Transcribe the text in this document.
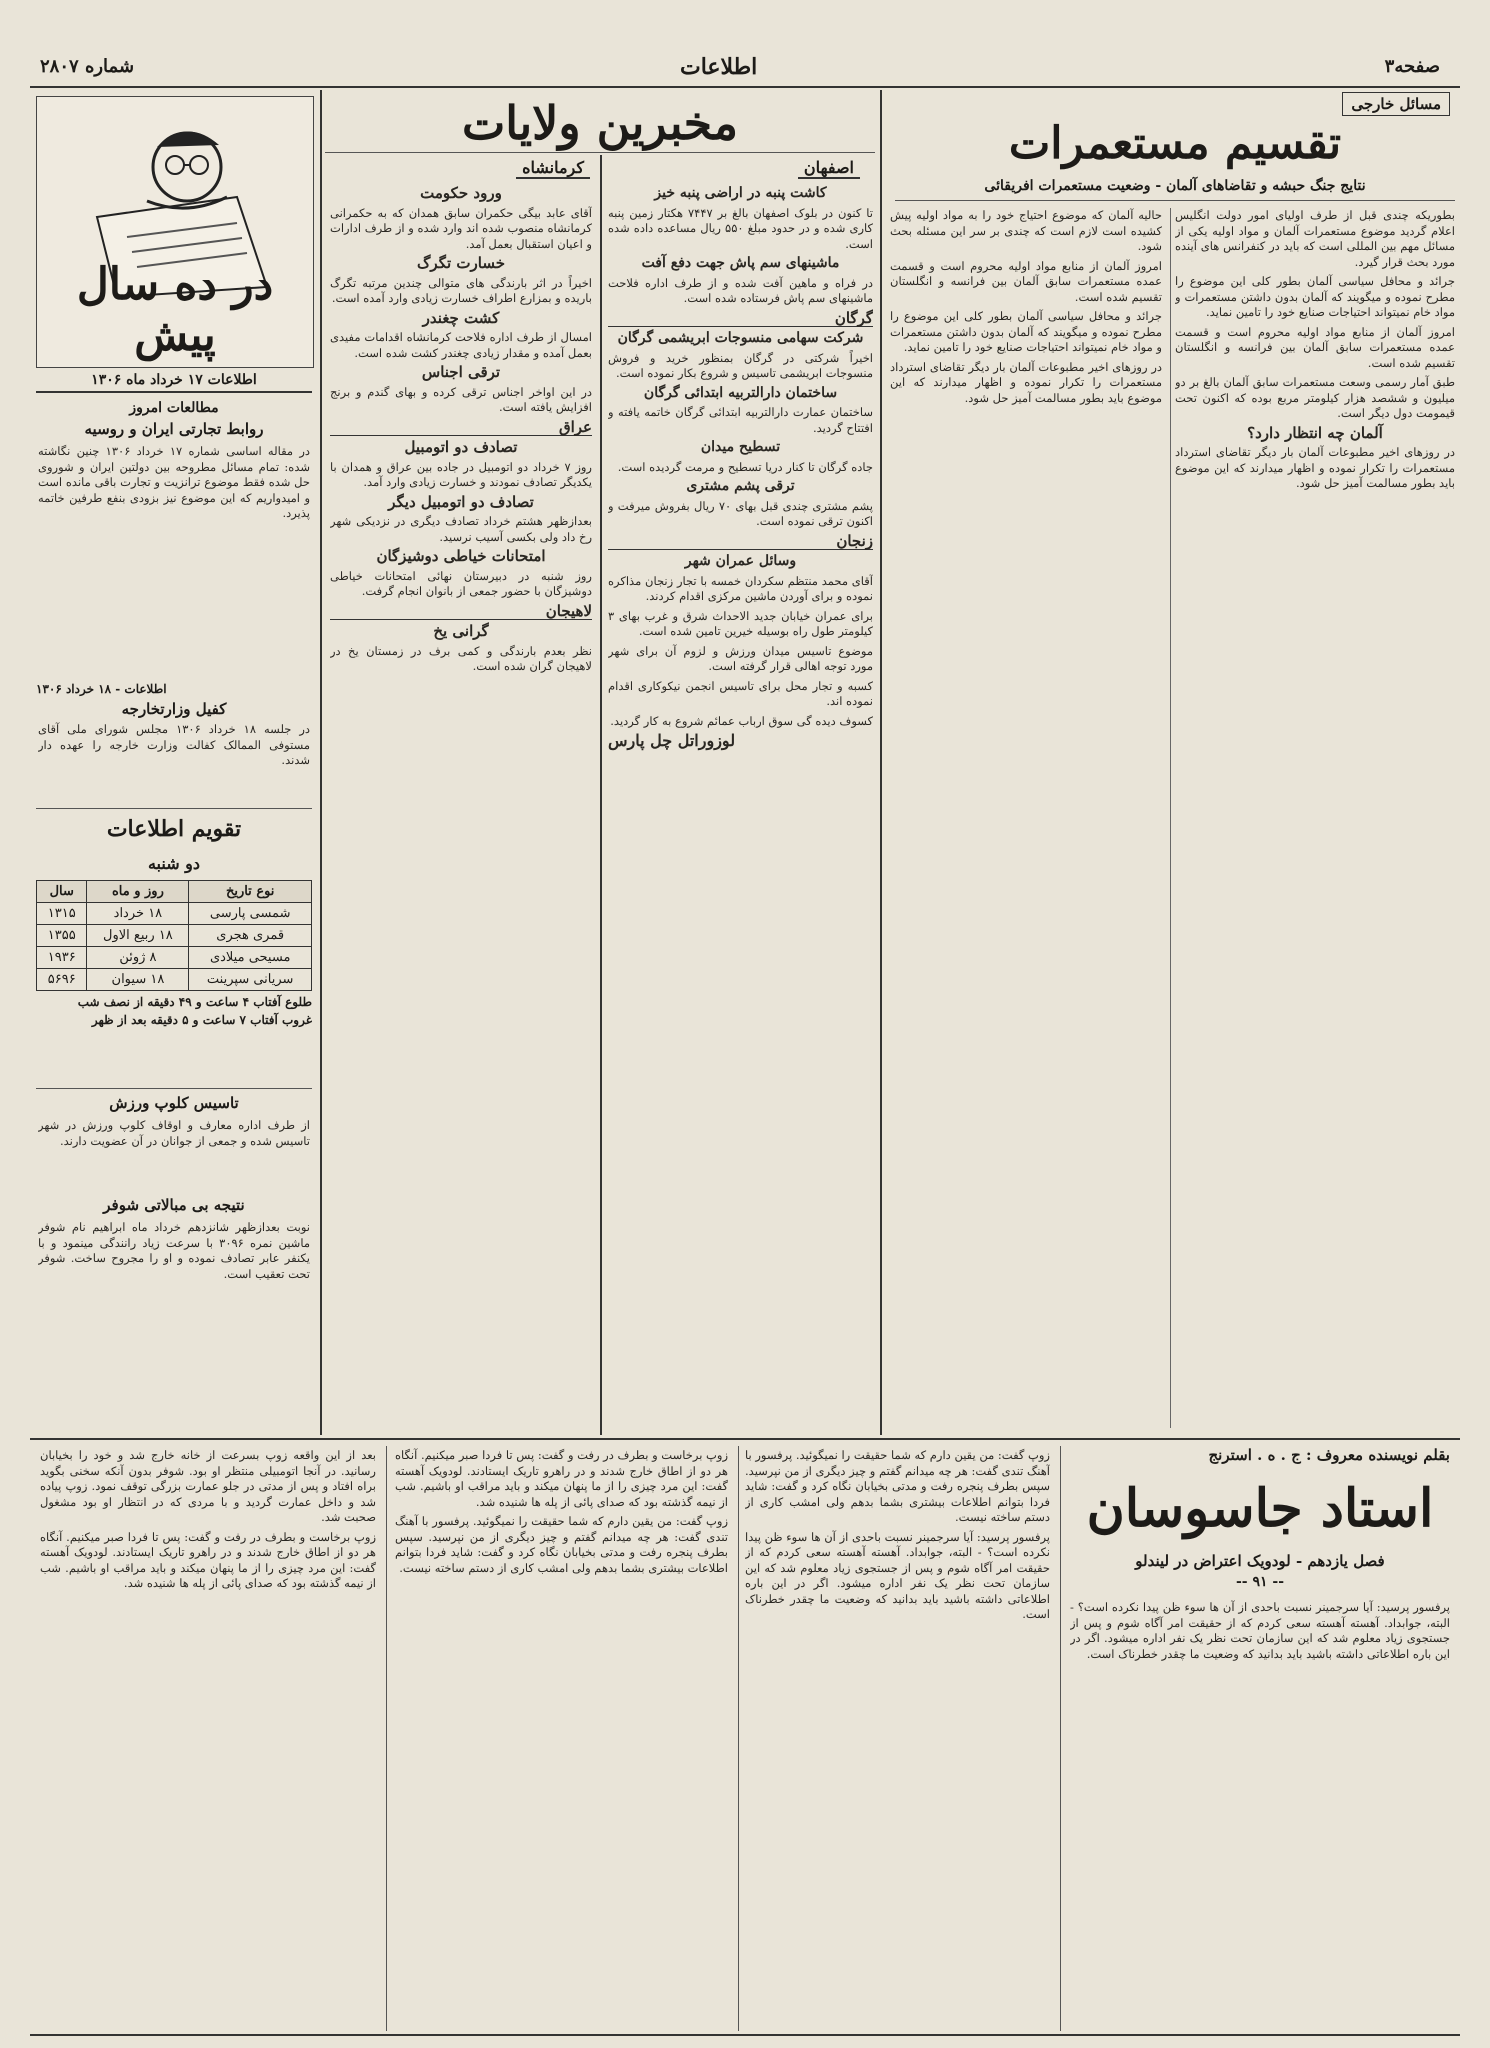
صفحه۳
اطلاعات
شماره ۲۸۰۷
مسائل خارجی
تقسیم مستعمرات
نتایج جنگ حبشه و تقاضاهای آلمان - وضعیت مستعمرات افریقائی

بطوریکه چندی قبل از طرف اولیای امور دولت انگلیس اعلام گردید موضوع مستعمرات آلمان و مواد اولیه یکی از مسائل مهم بین المللی است که باید در کنفرانس های آینده مورد بحث قرار گیرد.

جرائد و محافل سیاسی آلمان بطور کلی این موضوع را مطرح نموده و میگویند که آلمان بدون داشتن مستعمرات و مواد خام نمیتواند احتیاجات صنایع خود را تامین نماید.

امروز آلمان از منابع مواد اولیه محروم است و قسمت عمده مستعمرات سابق آلمان بین فرانسه و انگلستان تقسیم شده است.

طبق آمار رسمی وسعت مستعمرات سابق آلمان بالغ بر دو میلیون و ششصد هزار کیلومتر مربع بوده که اکنون تحت قیمومت دول دیگر است.

آلمان چه انتظار دارد؟

در روزهای اخیر مطبوعات آلمان بار دیگر تقاضای استرداد مستعمرات را تکرار نموده و اظهار میدارند که این موضوع باید بطور مسالمت آمیز حل شود.

حالیه آلمان که موضوع احتیاج خود را به مواد اولیه پیش کشیده است لازم است که چندی بر سر این مسئله بحث شود.

امروز آلمان از منابع مواد اولیه محروم است و قسمت عمده مستعمرات سابق آلمان بین فرانسه و انگلستان تقسیم شده است.

جرائد و محافل سیاسی آلمان بطور کلی این موضوع را مطرح نموده و میگویند که آلمان بدون داشتن مستعمرات و مواد خام نمیتواند احتیاجات صنایع خود را تامین نماید.

در روزهای اخیر مطبوعات آلمان بار دیگر تقاضای استرداد مستعمرات را تکرار نموده و اظهار میدارند که این موضوع باید بطور مسالمت آمیز حل شود.

مخبرین ولایات
اصفهان

کاشت پنبه در اراضی پنبه خیز

تا کنون در بلوک اصفهان بالغ بر ۷۴۴۷ هکتار زمین پنبه کاری شده و در حدود مبلغ ۵۵۰ ریال مساعده داده شده است.

ماشینهای سم پاش جهت دفع آفت

در فراه و ماهین آفت شده و از طرف اداره فلاحت ماشینهای سم پاش فرستاده شده است.

گرگان

شرکت سهامی منسوجات ابریشمی گرگان

اخیراً شرکتی در گرگان بمنظور خرید و فروش منسوجات ابریشمی تاسیس و شروع بکار نموده است.

ساختمان دارالتربیه ابتدائی گرگان

ساختمان عمارت دارالتربیه ابتدائی گرگان خاتمه یافته و افتتاح گردید.

تسطیح میدان

جاده گرگان تا کنار دریا تسطیح و مرمت گردیده است.

ترقی پشم مشتری

پشم مشتری چندی قبل بهای ۷۰ ریال بفروش میرفت و اکنون ترقی نموده است.

زنجان

وسائل عمران شهر

آقای محمد منتظم سکردان خمسه با تجار زنجان مذاکره نموده و برای آوردن ماشین مرکزی اقدام کردند.

برای عمران خیابان جدید الاحداث شرق و غرب بهای ۳ کیلومتر طول راه بوسیله خیرین تامین شده است.

موضوع تاسیس میدان ورزش و لزوم آن برای شهر مورد توجه اهالی قرار گرفته است.

کسبه و تجار محل برای تاسیس انجمن نیکوکاری اقدام نموده اند.

کسوف دیده گی سوق ارباب عمائم شروع به کار گردید.

لوزوراتل چل پارس

کرمانشاه

ورود حکومت

آقای عابد بیگی حکمران سابق همدان که به حکمرانی کرمانشاه منصوب شده اند وارد شده و از طرف ادارات و اعیان استقبال بعمل آمد.

خسارت تگرگ

اخیراً در اثر بارندگی های متوالی چندین مرتبه تگرگ باریده و بمزارع اطراف خسارت زیادی وارد آمده است.

کشت چغندر

امسال از طرف اداره فلاحت کرمانشاه اقدامات مفیدی بعمل آمده و مقدار زیادی چغندر کشت شده است.

ترقی اجناس

در این اواخر اجناس ترقی کرده و بهای گندم و برنج افزایش یافته است.

عراق

تصادف دو اتومبیل

روز ۷ خرداد دو اتومبیل در جاده بین عراق و همدان با یکدیگر تصادف نمودند و خسارت زیادی وارد آمد.

تصادف دو اتومبیل دیگر

بعدازظهر هشتم خرداد تصادف دیگری در نزدیکی شهر رخ داد ولی بکسی آسیب نرسید.

امتحانات خیاطی دوشیزگان

روز شنبه در دبیرستان نهائی امتحانات خیاطی دوشیزگان با حضور جمعی از بانوان انجام گرفت.

لاهیجان

گرانی یخ

نظر بعدم بارندگی و کمی برف در زمستان یخ در لاهیجان گران شده است.

در ده سال پیش
اطلاعات ۱۷ خرداد ماه ۱۳۰۶
مطالعات امروز
روابط تجارتی ایران و روسیه

در مقاله اساسی شماره ۱۷ خرداد ۱۳۰۶ چنین نگاشته شده: تمام مسائل مطروحه بین دولتین ایران و شوروی حل شده فقط موضوع ترانزیت و تجارت باقی مانده است و امیدواریم که این موضوع نیز بزودی بنفع طرفین خاتمه پذیرد.

کفیل وزارتخارجه

در جلسه ۱۸ خرداد ۱۳۰۶ مجلس شورای ملی آقای مستوفی الممالک کفالت وزارت خارجه را عهده دار شدند.

اطلاعات - ۱۸ خرداد ۱۳۰۶
تقویم اطلاعات
دو شنبه
نوع تاریخ	روز و ماه	سال
شمسی پارسی	۱۸ خرداد	۱۳۱۵
قمری هجری	۱۸ ربیع الاول	۱۳۵۵
مسیحی میلادی	۸ ژوئن	۱۹۳۶
سریانی سپرینت	۱۸ سیوان	۵۶۹۶
طلوع آفتاب ۴ ساعت و ۴۹ دقیقه از نصف شب
غروب آفتاب ۷ ساعت و ۵ دقیقه بعد از ظهر
تاسیس کلوپ ورزش

از طرف اداره معارف و اوقاف کلوپ ورزش در شهر تاسیس شده و جمعی از جوانان در آن عضویت دارند.

نتیجه بی مبالاتی شوفر

نوبت بعدازظهر شانزدهم خرداد ماه ابراهیم نام شوفر ماشین نمره ۳۰۹۶ با سرعت زیاد رانندگی مینمود و با یکنفر عابر تصادف نموده و او را مجروح ساخت. شوفر تحت تعقیب است.

بقلم نویسنده معروف : ج . ه . استرنج
استاد جاسوسان
فصل یازدهم - لودویک اعتراض در لیندلو
-- ۹۱ --

پرفسور پرسید: آیا سرجمینر نسبت باحدی از آن ها سوء ظن پیدا نکرده است؟ - البته، جوابداد. آهسته آهسته سعی کردم که از حقیقت امر آگاه شوم و پس از جستجوی زیاد معلوم شد که این سازمان تحت نظر یک نفر اداره میشود. اگر در این باره اطلاعاتی داشته باشید باید بدانید که وضعیت ما چقدر خطرناک است.

زوپ گفت: من یقین دارم که شما حقیقت را نمیگوئید. پرفسور با آهنگ تندی گفت: هر چه میدانم گفتم و چیز دیگری از من نپرسید. سپس بطرف پنجره رفت و مدتی بخیابان نگاه کرد و گفت: شاید فردا بتوانم اطلاعات بیشتری بشما بدهم ولی امشب کاری از دستم ساخته نیست.

پرفسور پرسید: آیا سرجمینر نسبت باحدی از آن ها سوء ظن پیدا نکرده است؟ - البته، جوابداد. آهسته آهسته سعی کردم که از حقیقت امر آگاه شوم و پس از جستجوی زیاد معلوم شد که این سازمان تحت نظر یک نفر اداره میشود. اگر در این باره اطلاعاتی داشته باشید باید بدانید که وضعیت ما چقدر خطرناک است.

زوپ برخاست و بطرف در رفت و گفت: پس تا فردا صبر میکنیم. آنگاه هر دو از اطاق خارج شدند و در راهرو تاریک ایستادند. لودویک آهسته گفت: این مرد چیزی را از ما پنهان میکند و باید مراقب او باشیم. شب از نیمه گذشته بود که صدای پائی از پله ها شنیده شد.

زوپ گفت: من یقین دارم که شما حقیقت را نمیگوئید. پرفسور با آهنگ تندی گفت: هر چه میدانم گفتم و چیز دیگری از من نپرسید. سپس بطرف پنجره رفت و مدتی بخیابان نگاه کرد و گفت: شاید فردا بتوانم اطلاعات بیشتری بشما بدهم ولی امشب کاری از دستم ساخته نیست.

بعد از این واقعه زوپ بسرعت از خانه خارج شد و خود را بخیابان رسانید. در آنجا اتومبیلی منتظر او بود. شوفر بدون آنکه سخنی بگوید براه افتاد و پس از مدتی در جلو عمارت بزرگی توقف نمود. زوپ پیاده شد و داخل عمارت گردید و با مردی که در انتظار او بود مشغول صحبت شد.

زوپ برخاست و بطرف در رفت و گفت: پس تا فردا صبر میکنیم. آنگاه هر دو از اطاق خارج شدند و در راهرو تاریک ایستادند. لودویک آهسته گفت: این مرد چیزی را از ما پنهان میکند و باید مراقب او باشیم. شب از نیمه گذشته بود که صدای پائی از پله ها شنیده شد.
